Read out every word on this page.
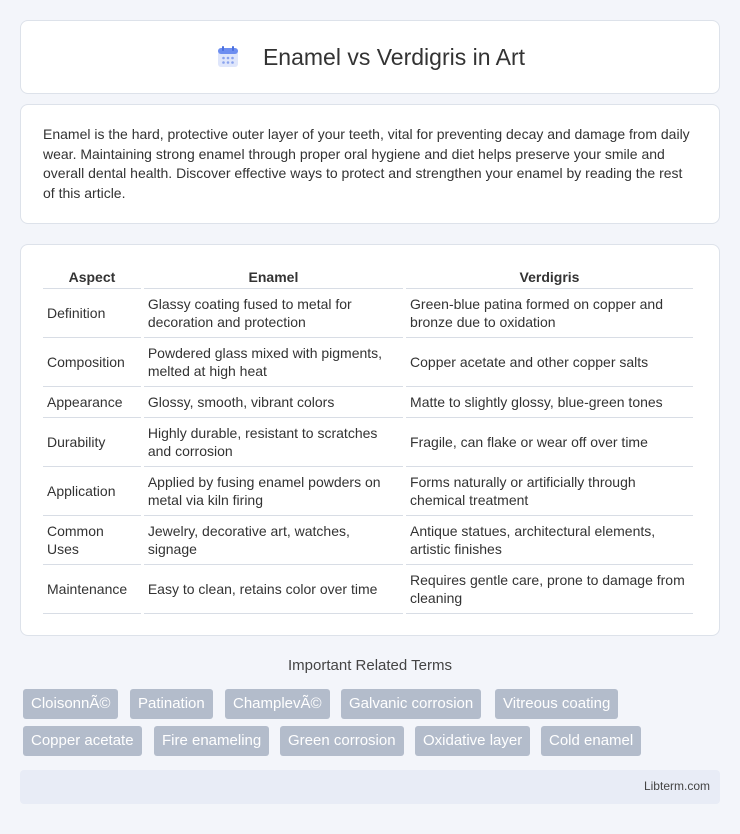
Enamel vs Verdigris in Art

Enamel is the hard, protective outer layer of your teeth, vital for preventing decay and damage from daily wear. Maintaining strong enamel through proper oral hygiene and diet helps preserve your smile and overall dental health. Discover effective ways to protect and strengthen your enamel by reading the rest of this article.

Aspect	Enamel	Verdigris
Definition	Glassy coating fused to metal for decoration and protection	Green-blue patina formed on copper and bronze due to oxidation
Composition	Powdered glass mixed with pigments, melted at high heat	Copper acetate and other copper salts
Appearance	Glossy, smooth, vibrant colors	Matte to slightly glossy, blue-green tones
Durability	Highly durable, resistant to scratches and corrosion	Fragile, can flake or wear off over time
Application	Applied by fusing enamel powders on metal via kiln firing	Forms naturally or artificially through chemical treatment
Common Uses	Jewelry, decorative art, watches, signage	Antique statues, architectural elements, artistic finishes
Maintenance	Easy to clean, retains color over time	Requires gentle care, prone to damage from cleaning
Important Related Terms
CloisonnÃ©	Patination	ChamplevÃ©	Galvanic corrosion	Vitreous coating
Copper acetate	Fire enameling	Green corrosion	Oxidative layer	Cold enamel
Libterm.com
